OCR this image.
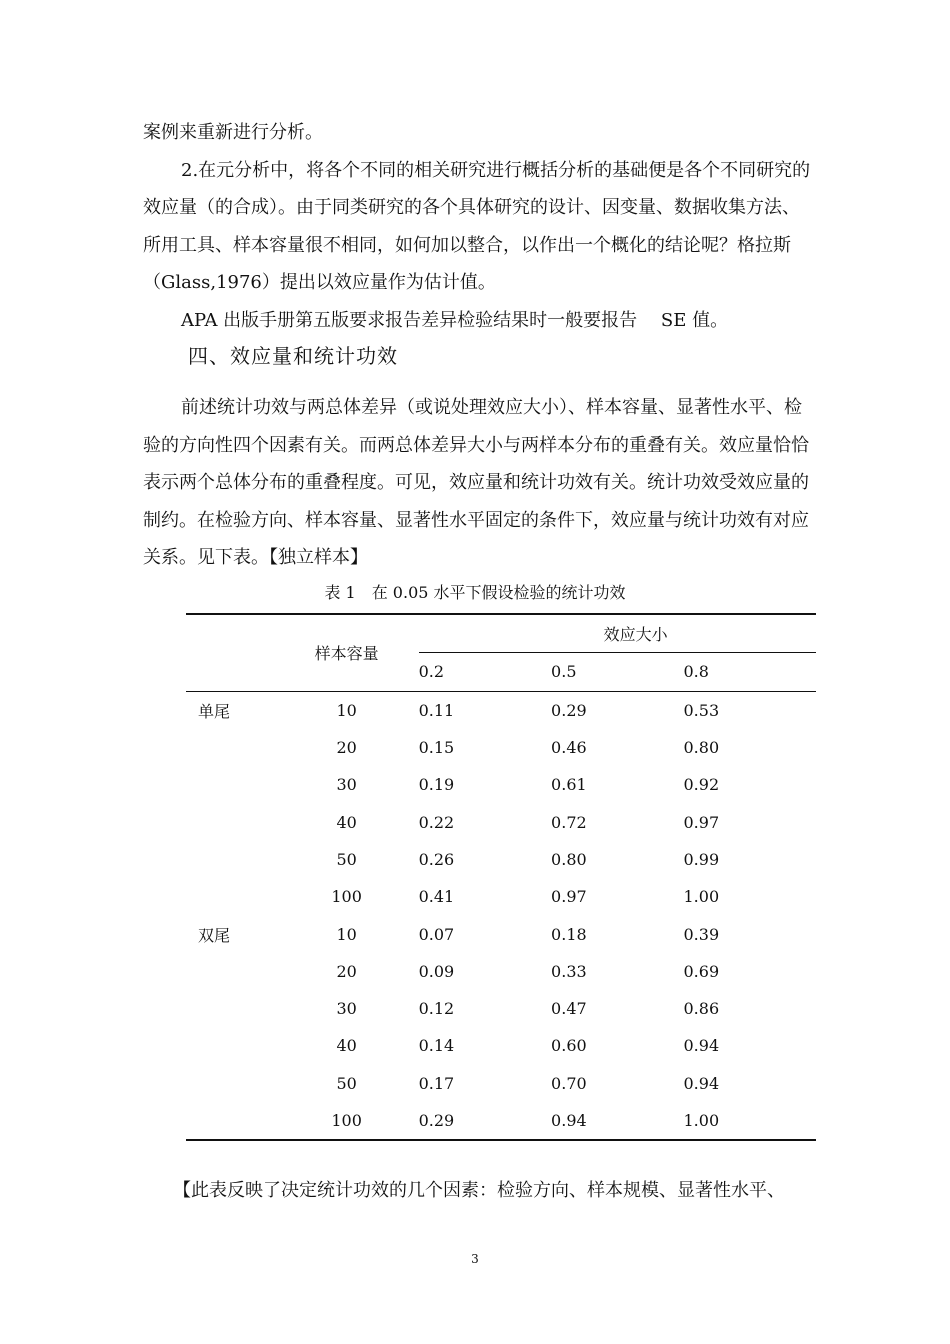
案例来重新进行分析。

2.在元分析中，将各个不同的相关研究进行概括分析的基础便是各个不同研究的效应量（的合成）。由于同类研究的各个具体研究的设计、因变量、数据收集方法、所用工具、样本容量很不相同，如何加以整合，以作出一个概化的结论呢？格拉斯（Glass,1976）提出以效应量作为估计值。

APA 出版手册第五版要求报告差异检验结果时一般要报告　 SE 值。

四、效应量和统计功效

前述统计功效与两总体差异（或说处理效应大小）、样本容量、显著性水平、检验的方向性四个因素有关。而两总体差异大小与两样本分布的重叠有关。效应量恰恰表示两个总体分布的重叠程度。可见，效应量和统计功效有关。统计功效受效应量的制约。在检验方向、样本容量、显著性水平固定的条件下，效应量与统计功效有对应关系。见下表。【独立样本】

表 1　在 0.05 水平下假设检验的统计功效

	样本容量	效应大小		
		0.2	0.5	0.8
单尾	10	0.11	0.29	0.53
	20	0.15	0.46	0.80
	30	0.19	0.61	0.92
	40	0.22	0.72	0.97
	50	0.26	0.80	0.99
	100	0.41	0.97	1.00
双尾	10	0.07	0.18	0.39
	20	0.09	0.33	0.69
	30	0.12	0.47	0.86
	40	0.14	0.60	0.94
	50	0.17	0.70	0.94
	100	0.29	0.94	1.00

【此表反映了决定统计功效的几个因素：检验方向、样本规模、显著性水平、

3
